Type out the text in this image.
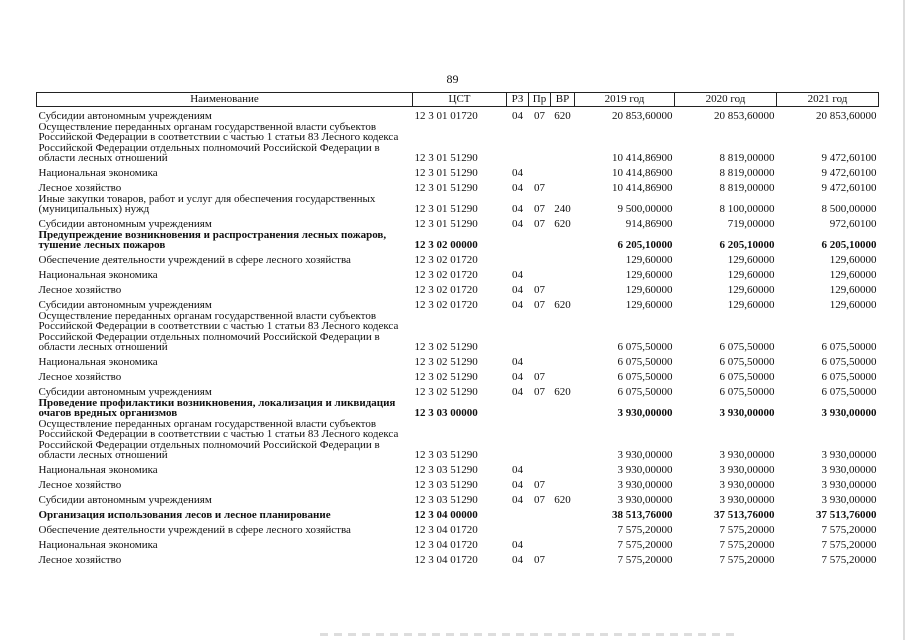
89
Наименование	ЦСТ	РЗ	Пр	ВР	2019 год	2020 год	2021 год
Субсидии автономным учреждениям	12 3 01 01720	04	07	620	20 853,60000	20 853,60000	20 853,60000
Осуществление переданных органам государственной власти субъектов Российской Федерации в соответствии с частью 1 статьи 83 Лесного кодекса Российской Федерации отдельных полномочий Российской Федерации в области лесных отношений	12 3 01 51290				10 414,86900	8 819,00000	9 472,60100
Национальная экономика	12 3 01 51290	04			10 414,86900	8 819,00000	9 472,60100
Лесное хозяйство	12 3 01 51290	04	07		10 414,86900	8 819,00000	9 472,60100
Иные закупки товаров, работ и услуг для обеспечения государственных (муниципальных) нужд	12 3 01 51290	04	07	240	9 500,00000	8 100,00000	8 500,00000
Субсидии автономным учреждениям	12 3 01 51290	04	07	620	914,86900	719,00000	972,60100
Предупреждение возникновения и распространения лесных пожаров, тушение лесных пожаров	12 3 02 00000				6 205,10000	6 205,10000	6 205,10000
Обеспечение деятельности учреждений в сфере лесного хозяйства	12 3 02 01720				129,60000	129,60000	129,60000
Национальная экономика	12 3 02 01720	04			129,60000	129,60000	129,60000
Лесное хозяйство	12 3 02 01720	04	07		129,60000	129,60000	129,60000
Субсидии автономным учреждениям	12 3 02 01720	04	07	620	129,60000	129,60000	129,60000
Осуществление переданных органам государственной власти субъектов Российской Федерации в соответствии с частью 1 статьи 83 Лесного кодекса Российской Федерации отдельных полномочий Российской Федерации в области лесных отношений	12 3 02 51290				6 075,50000	6 075,50000	6 075,50000
Национальная экономика	12 3 02 51290	04			6 075,50000	6 075,50000	6 075,50000
Лесное хозяйство	12 3 02 51290	04	07		6 075,50000	6 075,50000	6 075,50000
Субсидии автономным учреждениям	12 3 02 51290	04	07	620	6 075,50000	6 075,50000	6 075,50000
Проведение профилактики возникновения, локализация и ликвидация очагов вредных организмов	12 3 03 00000				3 930,00000	3 930,00000	3 930,00000
Осуществление переданных органам государственной власти субъектов Российской Федерации в соответствии с частью 1 статьи 83 Лесного кодекса Российской Федерации отдельных полномочий Российской Федерации в области лесных отношений	12 3 03 51290				3 930,00000	3 930,00000	3 930,00000
Национальная экономика	12 3 03 51290	04			3 930,00000	3 930,00000	3 930,00000
Лесное хозяйство	12 3 03 51290	04	07		3 930,00000	3 930,00000	3 930,00000
Субсидии автономным учреждениям	12 3 03 51290	04	07	620	3 930,00000	3 930,00000	3 930,00000
Организация использования лесов и лесное планирование	12 3 04 00000				38 513,76000	37 513,76000	37 513,76000
Обеспечение деятельности учреждений в сфере лесного хозяйства	12 3 04 01720				7 575,20000	7 575,20000	7 575,20000
Национальная экономика	12 3 04 01720	04			7 575,20000	7 575,20000	7 575,20000
Лесное хозяйство	12 3 04 01720	04	07		7 575,20000	7 575,20000	7 575,20000
